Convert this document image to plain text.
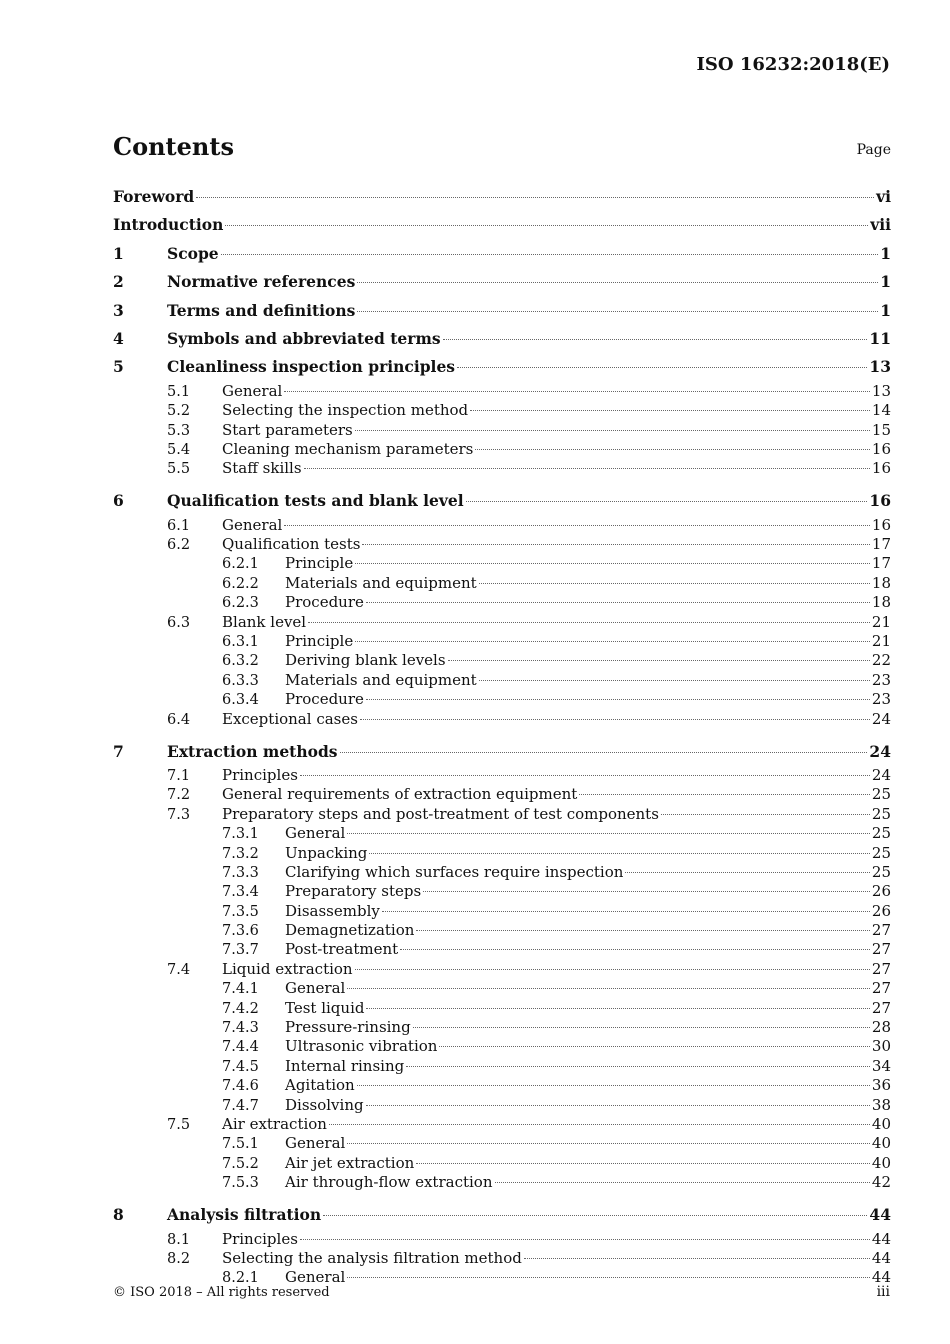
ISO 16232:2018(E)
Contents	Page
Foreword	vi
Introduction	vii
1	Scope	1
2	Normative references	1
3	Terms and definitions	1
4	Symbols and abbreviated terms	11
5	Cleanliness inspection principles	13
5.1	General	13
5.2	Selecting the inspection method	14
5.3	Start parameters	15
5.4	Cleaning mechanism parameters	16
5.5	Staff skills	16
6	Qualification tests and blank level	16
6.1	General	16
6.2	Qualification tests	17
6.2.1	Principle	17
6.2.2	Materials and equipment	18
6.2.3	Procedure	18
6.3	Blank level	21
6.3.1	Principle	21
6.3.2	Deriving blank levels	22
6.3.3	Materials and equipment	23
6.3.4	Procedure	23
6.4	Exceptional cases	24
7	Extraction methods	24
7.1	Principles	24
7.2	General requirements of extraction equipment	25
7.3	Preparatory steps and post-treatment of test components	25
7.3.1	General	25
7.3.2	Unpacking	25
7.3.3	Clarifying which surfaces require inspection	25
7.3.4	Preparatory steps	26
7.3.5	Disassembly	26
7.3.6	Demagnetization	27
7.3.7	Post-treatment	27
7.4	Liquid extraction	27
7.4.1	General	27
7.4.2	Test liquid	27
7.4.3	Pressure-rinsing	28
7.4.4	Ultrasonic vibration	30
7.4.5	Internal rinsing	34
7.4.6	Agitation	36
7.4.7	Dissolving	38
7.5	Air extraction	40
7.5.1	General	40
7.5.2	Air jet extraction	40
7.5.3	Air through-flow extraction	42
8	Analysis filtration	44
8.1	Principles	44
8.2	Selecting the analysis filtration method	44
8.2.1	General	44
© ISO 2018 – All rights reserved	iii
